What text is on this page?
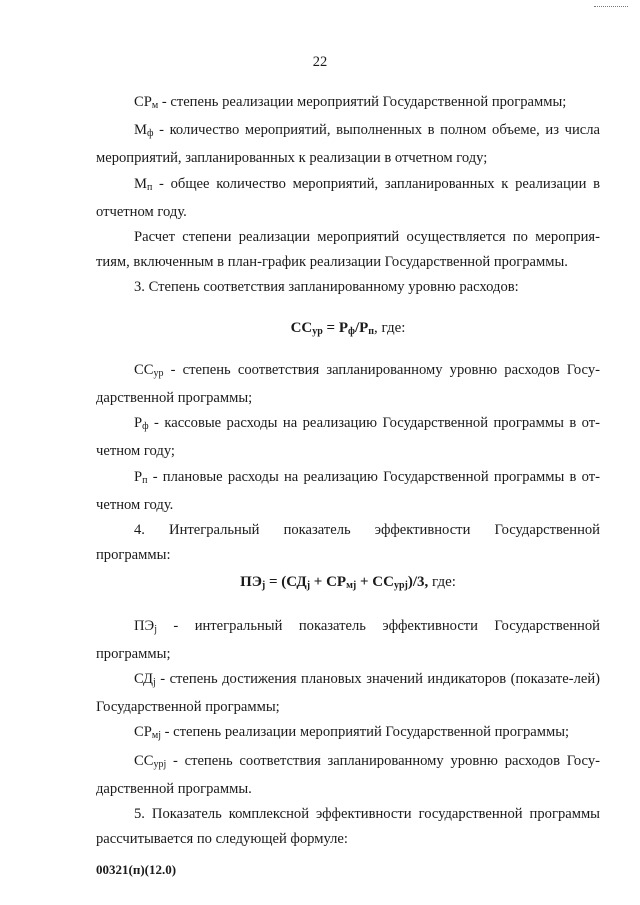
22

$СР_м$ - степень реализации мероприятий Государственной программы;

$М_ф$ - количество мероприятий, выполненных в полном объеме, из числа мероприятий, запланированных к реализации в отчетном году;

$М_п$ - общее количество мероприятий, запланированных к реализации в отчетном году.

Расчет степени реализации мероприятий осуществляется по мероприя-тиям, включенным в план-график реализации Государственной программы.

3. Степень соответствия запланированному уровню расходов:

$СС_{ур} = Р_ф/Р_п$, где:

$СС_{ур}$ - степень соответствия запланированному уровню расходов Госу-дарственной программы;

$Р_ф$ - кассовые расходы на реализацию Государственной программы в от-четном году;

$Р_п$ - плановые расходы на реализацию Государственной программы в от-четном году.

4. Интегральный показатель эффективности Государственной

программы:

$ПЭ_j = (СД_j + СР_{мj} + СС_{урj})/3$, где:

ПЭj - интегральный показатель эффективности Государственной

программы;

$СД_j$ - степень достижения плановых значений индикаторов (показате-лей) Государственной программы;

$СР_{мj}$ - степень реализации мероприятий Государственной программы;

$СС_{урj}$ - степень соответствия запланированному уровню расходов Госу-дарственной программы.

5. Показатель комплексной эффективности государственной программы рассчитывается по следующей формуле:

00321(п)(12.0)
